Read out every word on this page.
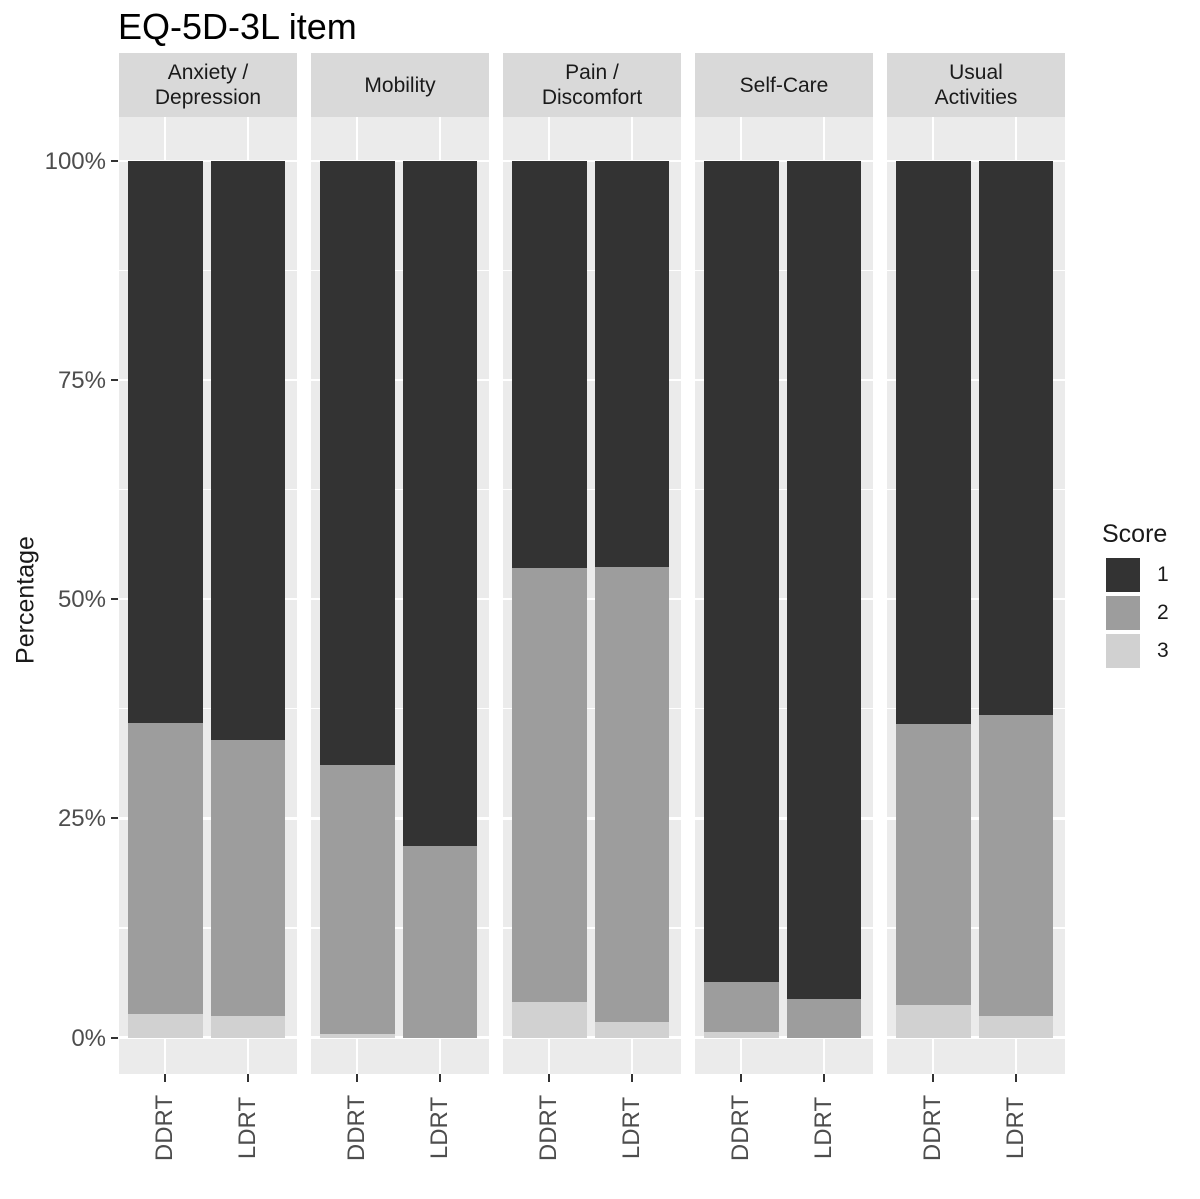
EQ-5D-3L item
Percentage
Anxiety /
Depression
Mobility
Pain /
Discomfort
Self-Care
Usual
Activities
0%
25%
50%
75%
100%
Score
1
2
3
DDRT LDRT	DDRT LDRT	DDRT LDRT	DDRT LDRT	DDRT LDRT
